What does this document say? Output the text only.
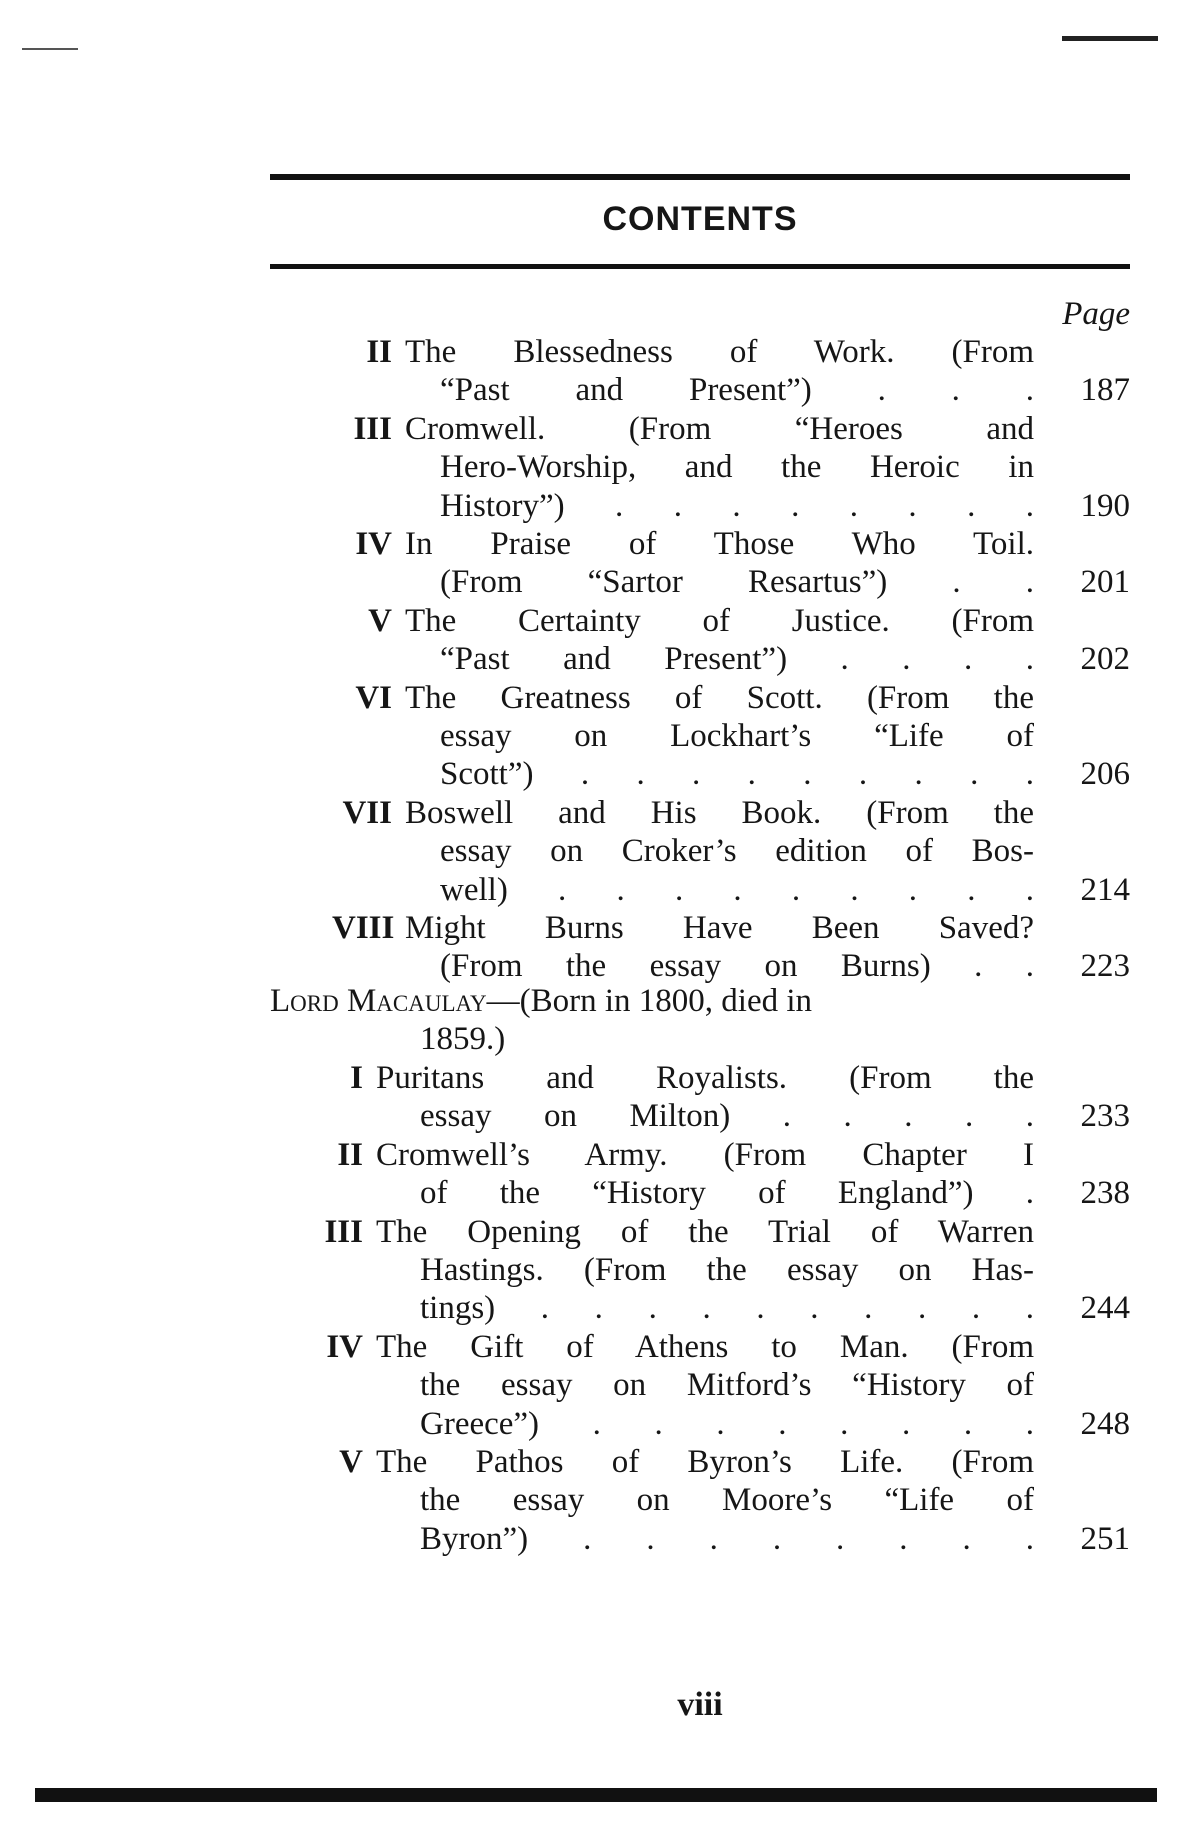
CONTENTS
Page
II The Blessedness of Work. (From
“Past and Present”) . . .	187
III Cromwell. (From “Heroes and
Hero-Worship, and the Heroic in
History”) . . . . . . . .	190
IV In Praise of Those Who Toil.
(From “Sartor Resartus”) . .	201
V The Certainty of Justice. (From
“Past and Present”) . . . .	202
VI The Greatness of Scott. (From the
essay on Lockhart’s “Life of
Scott”) . . . . . . . . .	206
VII Boswell and His Book. (From the
essay on Croker’s edition of Bos-
well) . . . . . . . . .	214
VIII Might Burns Have Been Saved?
(From the essay on Burns) . .	223
Lord Macaulay—(Born in 1800, died in
1859.)
I Puritans and Royalists. (From the
essay on Milton) . . . . .	233
II Cromwell’s Army. (From Chapter I
of the “History of England”) .	238
III The Opening of the Trial of Warren
Hastings. (From the essay on Has-
tings) . . . . . . . . . .	244
IV The Gift of Athens to Man. (From
the essay on Mitford’s “History of
Greece”) . . . . . . . .	248
V The Pathos of Byron’s Life. (From
the essay on Moore’s “Life of
Byron”) . . . . . . . .	251
viii
